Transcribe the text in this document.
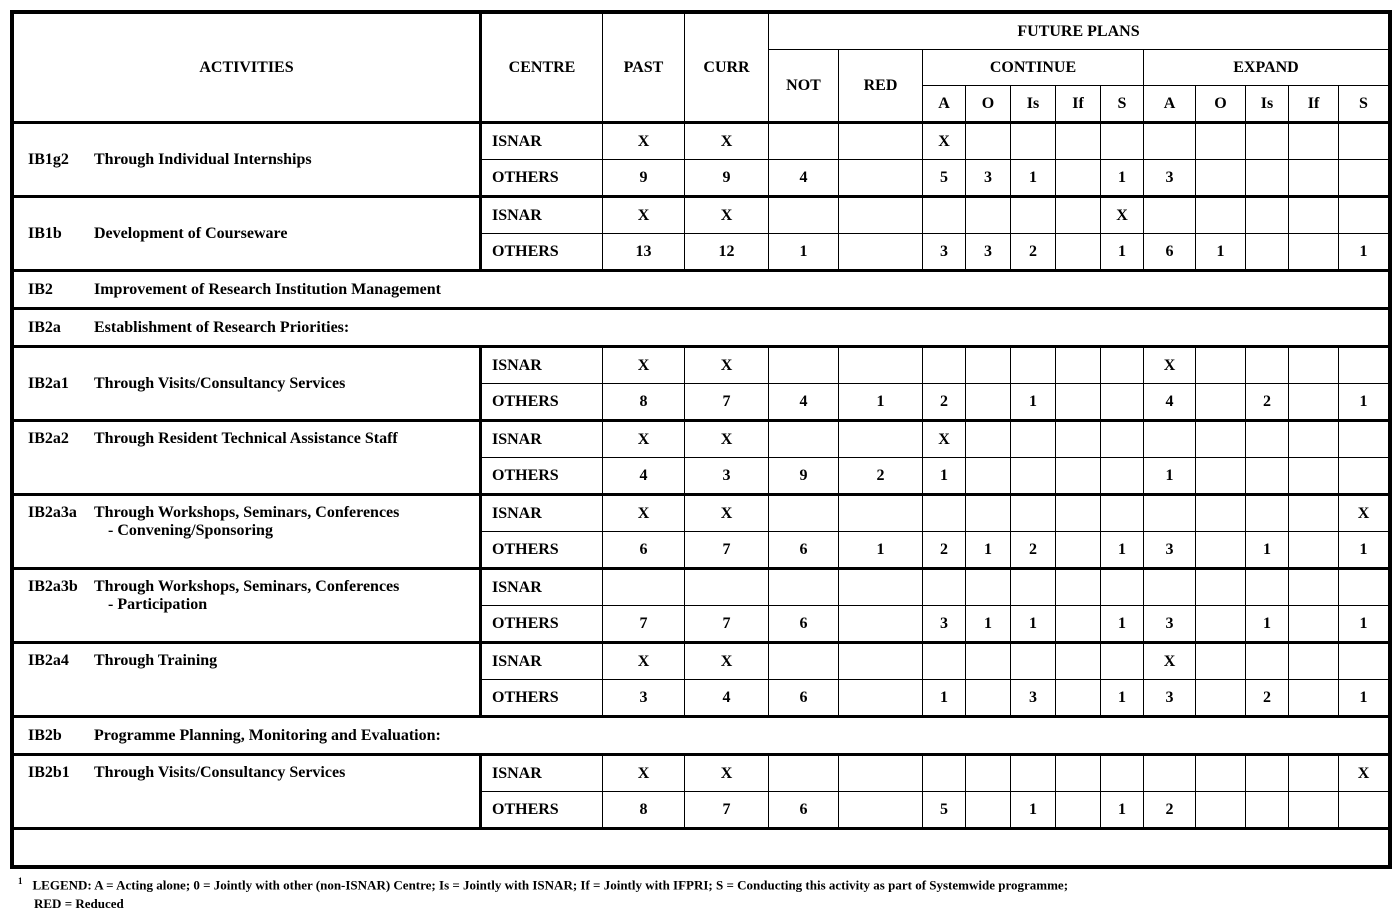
ACTIVITIES	CENTRE	PAST	CURR	FUTURE PLANS											
				NOT	RED	CONTINUE					EXPAND				
						A	O	Is	If	S	A	O	Is	If	S
IB1g2 Through Individual Internships	ISNAR	X	X			X									
	OTHERS	9	9	4		5	3	1		1	3				
IB1b Development of Courseware	ISNAR	X	X							X					
	OTHERS	13	12	1		3	3	2		1	6	1			1
IB2 Improvement of Research Institution Management															
IB2a Establishment of Research Priorities:															
IB2a1 Through Visits/Consultancy Services	ISNAR	X	X								X				
	OTHERS	8	7	4	1	2		1			4		2		1
IB2a2 Through Resident Technical Assistance Staff	ISNAR	X	X			X									
	OTHERS	4	3	9	2	1					1				
IB2a3a Through Workshops, Seminars, Conferences
- Convening/Sponsoring	ISNAR	X	X												X
	OTHERS	6	7	6	1	2	1	2		1	3		1		1
IB2a3b Through Workshops, Seminars, Conferences
- Participation	ISNAR														
	OTHERS	7	7	6		3	1	1		1	3		1		1
IB2a4 Through Training	ISNAR	X	X								X				
	OTHERS	3	4	6		1		3		1	3		2		1
IB2b Programme Planning, Monitoring and Evaluation:															
IB2b1 Through Visits/Consultancy Services	ISNAR	X	X												X
	OTHERS	8	7	6		5		1		1	2				

$^1$ LEGEND: A = Acting alone; 0 = Jointly with other (non-ISNAR) Centre; Is = Jointly with ISNAR; If = Jointly with IFPRI; S = Conducting this activity as part of Systemwide programme;
RED = Reduced
